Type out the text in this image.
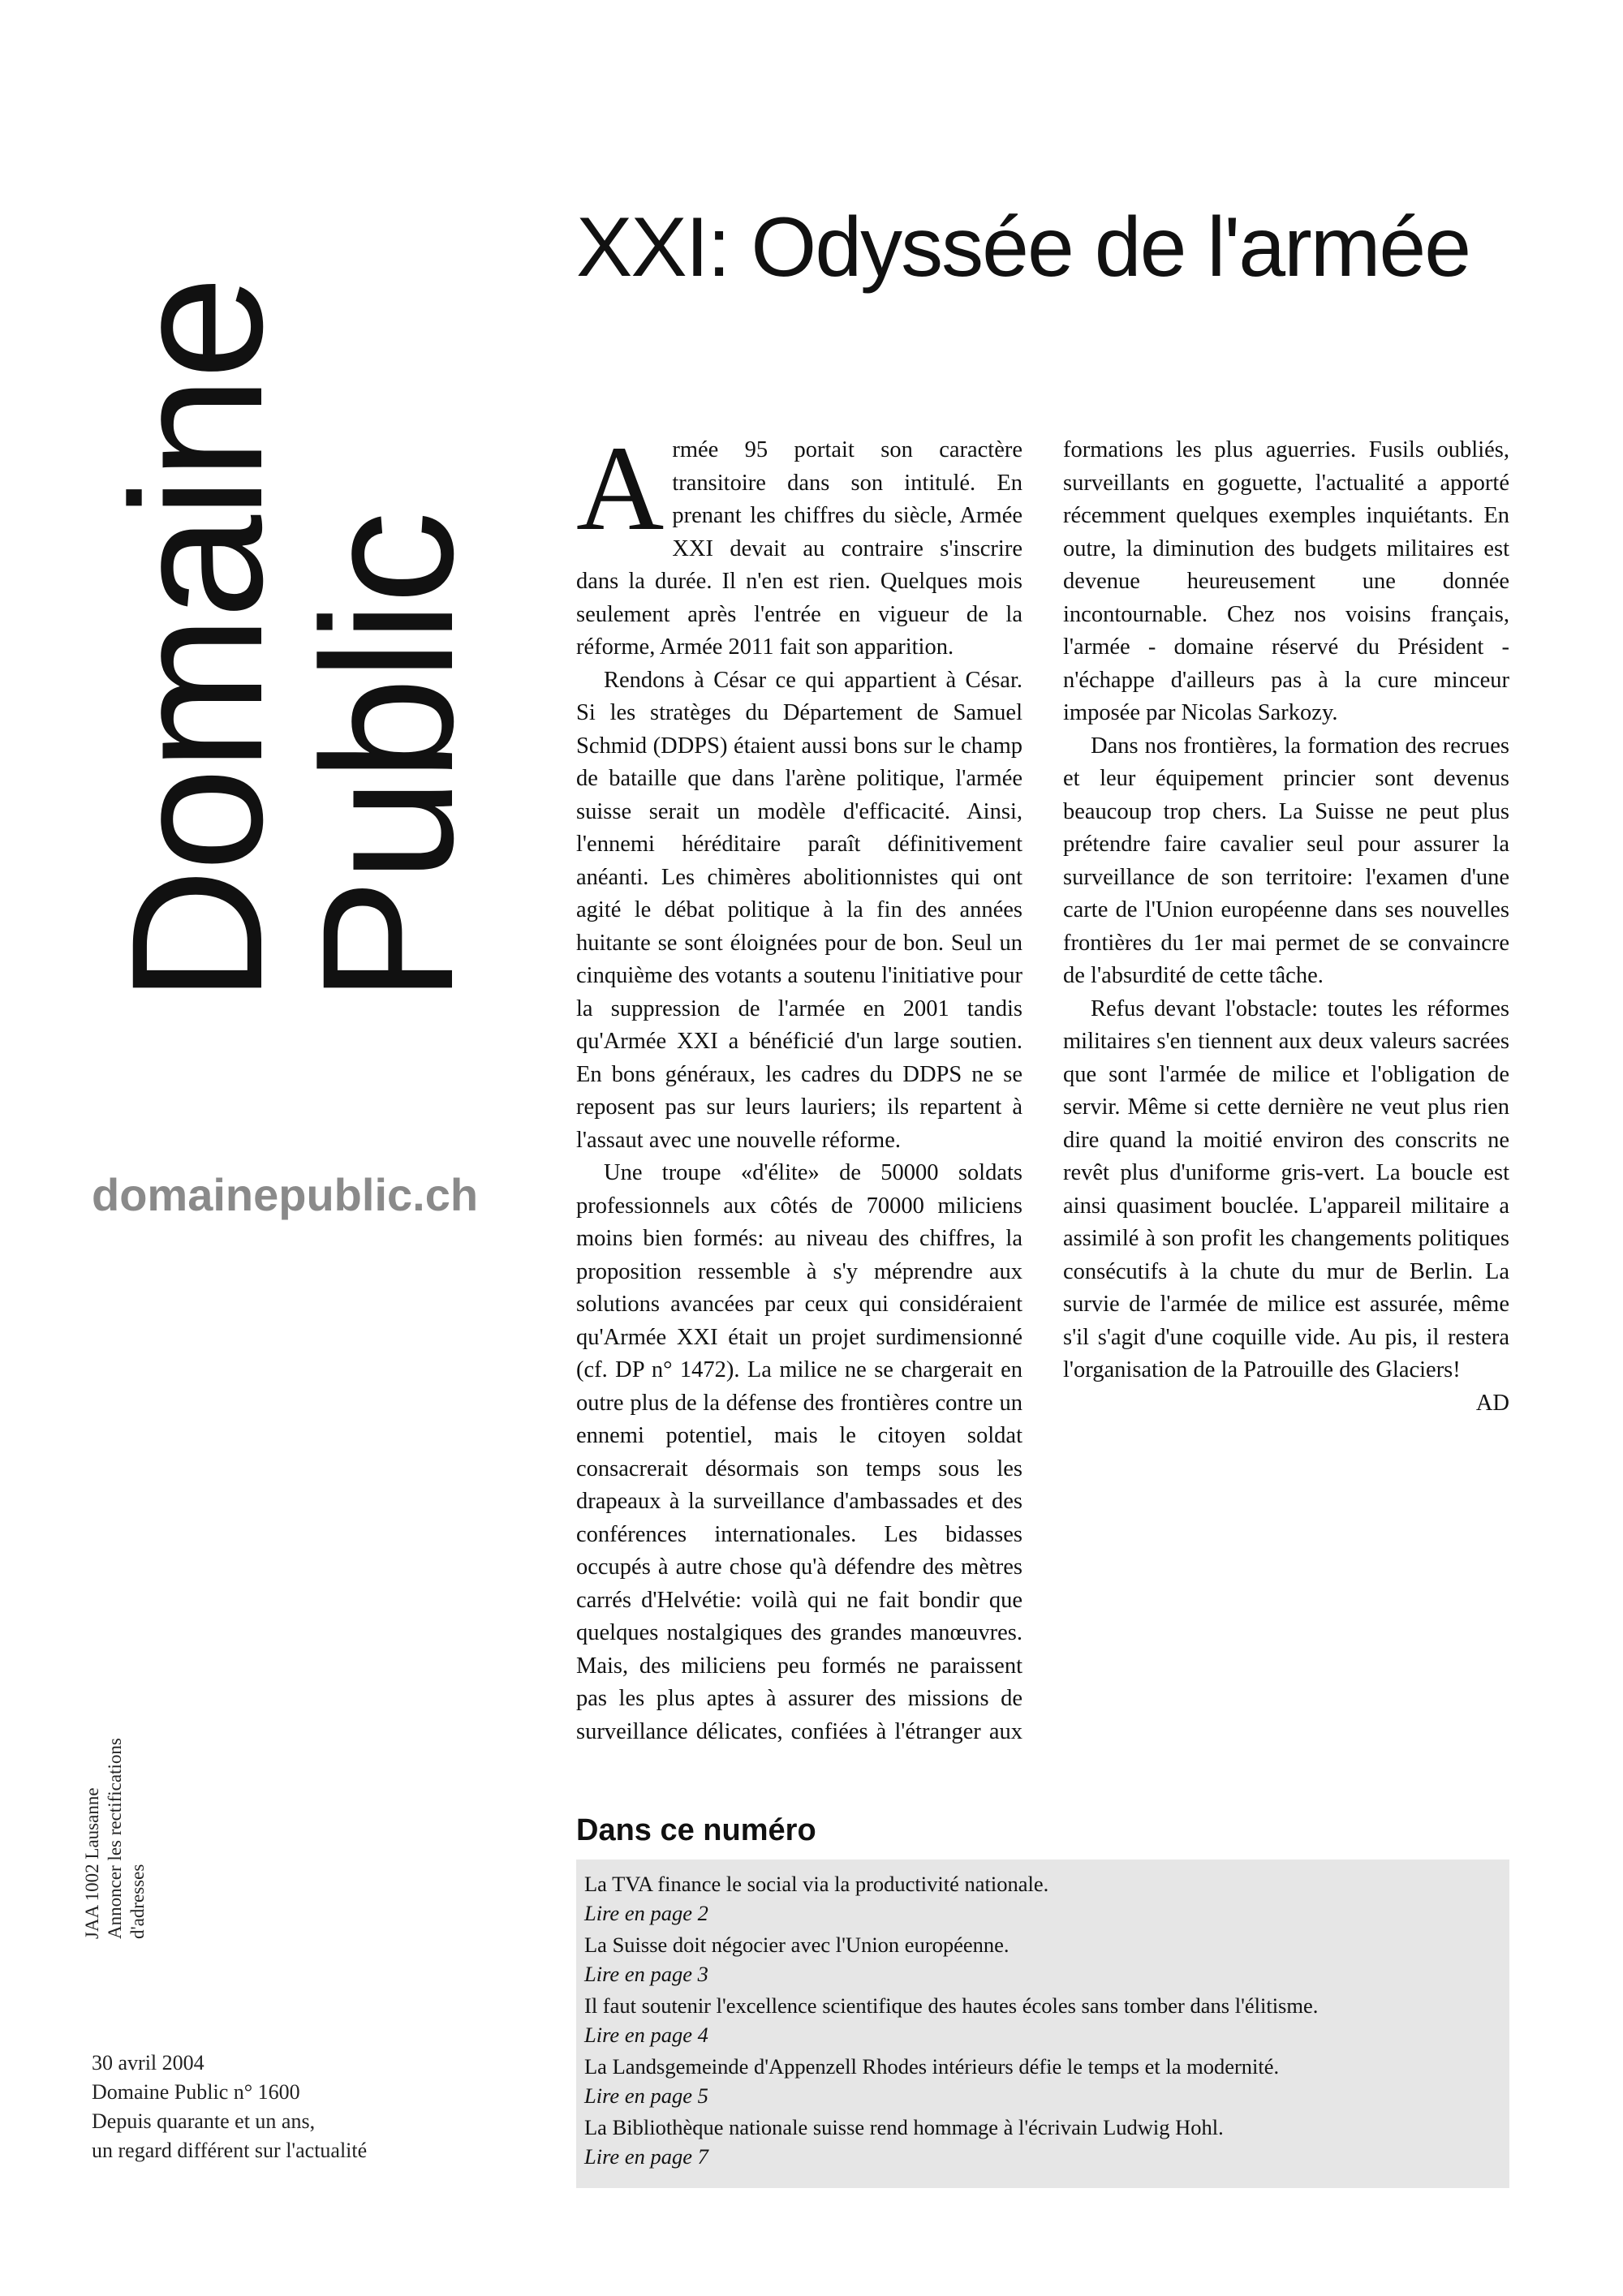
Domaine
Public
domainepublic.ch
JAA 1002 Lausanne Annoncer les rectifications d'adresses
30 avril 2004
Domaine Public n° 1600
Depuis quarante et un ans,
un regard différent sur l'actualité
XXI: Odyssée de l'armée

Armée 95 portait son caractère transitoire dans son intitulé. En prenant les chiffres du siècle, Armée XXI devait au contraire s'inscrire dans la durée. Il n'en est rien. Quelques mois seulement après l'entrée en vigueur de la réforme, Armée 2011 fait son apparition.

Rendons à César ce qui appartient à César. Si les stratèges du Département de Samuel Schmid (DDPS) étaient aussi bons sur le champ de bataille que dans l'arène politique, l'armée suisse serait un modèle d'efficacité. Ainsi, l'ennemi héréditaire paraît définitivement anéanti. Les chimères abolitionnistes qui ont agité le débat politique à la fin des années huitante se sont éloignées pour de bon. Seul un cinquième des votants a soutenu l'initiative pour la suppression de l'armée en 2001 tandis qu'Armée XXI a bénéficié d'un large soutien. En bons généraux, les cadres du DDPS ne se reposent pas sur leurs lauriers; ils repartent à l'assaut avec une nouvelle réforme.

Une troupe «d'élite» de 50000 soldats professionnels aux côtés de 70000 miliciens moins bien formés: au niveau des chiffres, la proposition ressemble à s'y méprendre aux solutions avancées par ceux qui considéraient qu'Armée XXI était un projet surdimensionné (cf. DP n° 1472). La milice ne se chargerait en outre plus de la défense des frontières contre un ennemi potentiel, mais le citoyen soldat consacrerait désormais son temps sous les drapeaux à la surveillance d'ambassades et des conférences internationales. Les bidasses occupés à autre chose qu'à défendre des mètres carrés d'Helvétie: voilà qui ne fait bondir que quelques nostalgiques des grandes manœuvres. Mais, des miliciens peu formés ne paraissent pas les plus aptes à assurer des missions de surveillance délicates, confiées à l'étranger aux formations les plus aguerries. Fusils oubliés, surveillants en goguette, l'actualité a apporté récemment quelques exemples inquiétants. En outre, la diminution des budgets militaires est devenue heureusement une donnée incontournable. Chez nos voisins français, l'armée - domaine réservé du Président - n'échappe d'ailleurs pas à la cure minceur imposée par Nicolas Sarkozy.

Dans nos frontières, la formation des recrues et leur équipement princier sont devenus beaucoup trop chers. La Suisse ne peut plus prétendre faire cavalier seul pour assurer la surveillance de son territoire: l'examen d'une carte de l'Union européenne dans ses nouvelles frontières du 1er mai permet de se convaincre de l'absurdité de cette tâche.

Refus devant l'obstacle: toutes les réformes militaires s'en tiennent aux deux valeurs sacrées que sont l'armée de milice et l'obligation de servir. Même si cette dernière ne veut plus rien dire quand la moitié environ des conscrits ne revêt plus d'uniforme gris-vert. La boucle est ainsi quasiment bouclée. L'appareil militaire a assimilé à son profit les changements politiques consécutifs à la chute du mur de Berlin. La survie de l'armée de milice est assurée, même s'il s'agit d'une coquille vide. Au pis, il restera l'organisation de la Patrouille des Glaciers!
AD

Dans ce numéro
La TVA finance le social via la productivité nationale.
Lire en page 2
La Suisse doit négocier avec l'Union européenne.
Lire en page 3
Il faut soutenir l'excellence scientifique des hautes écoles sans tomber dans l'élitisme.
Lire en page 4
La Landsgemeinde d'Appenzell Rhodes intérieurs défie le temps et la modernité.
Lire en page 5
La Bibliothèque nationale suisse rend hommage à l'écrivain Ludwig Hohl.
Lire en page 7
